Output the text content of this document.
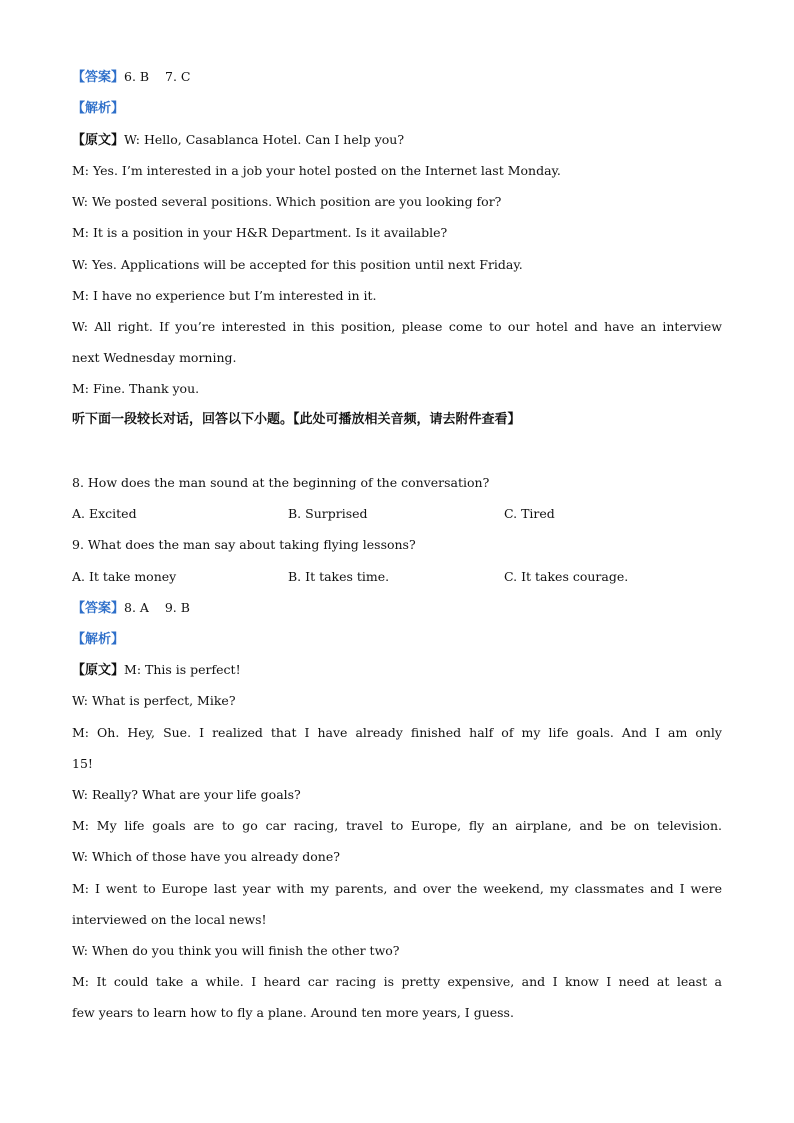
【答案】6. B    7. C
【解析】
【原文】W: Hello, Casablanca Hotel. Can I help you?
M: Yes. I’m interested in a job your hotel posted on the Internet last Monday.
W: We posted several positions. Which position are you looking for?
M: It is a position in your H&R Department. Is it available?
W: Yes. Applications will be accepted for this position until next Friday.
M: I have no experience but I’m interested in it.
W: All right. If you’re interested in this position, please come to our hotel and have an interview
next Wednesday morning.
M: Fine. Thank you.
听下面一段较长对话，回答以下小题。【此处可播放相关音频，请去附件查看】
8. How does the man sound at the beginning of the conversation?

A. Excited

	B. Surprised

	C. Tired

9. What does the man say about taking flying lessons?

A. It take money

	B. It takes time.

	C. It takes courage.

【答案】8. A    9. B
【解析】
【原文】M: This is perfect!
W: What is perfect, Mike?
M: Oh. Hey, Sue. I realized that I have already finished half of my life goals. And I am only
15!
W: Really? What are your life goals?
M: My life goals are to go car racing, travel to Europe, fly an airplane, and be on television.
W: Which of those have you already done?
M: I went to Europe last year with my parents, and over the weekend, my classmates and I were
interviewed on the local news!
W: When do you think you will finish the other two?
M: It could take a while. I heard car racing is pretty expensive, and I know I need at least a
few years to learn how to fly a plane. Around ten more years, I guess.
